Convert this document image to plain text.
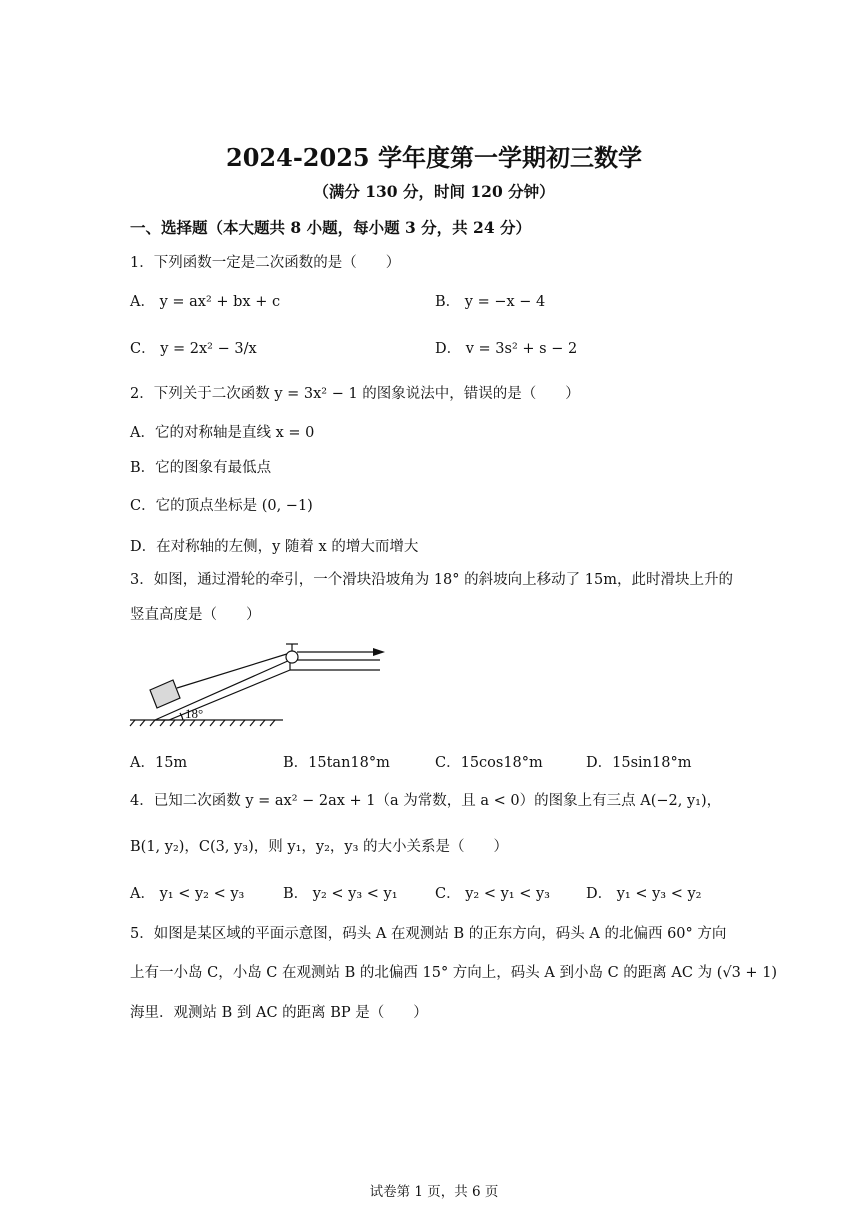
2024-2025 学年度第一学期初三数学
（满分 130 分，时间 120 分钟）
一、选择题（本大题共 8 小题，每小题 3 分，共 24 分）
1．下列函数一定是二次函数的是（　　）
A． y = ax² + bx + c	B． y = −x − 4
C． y = 2x² − 3/x	D． v = 3s² + s − 2
2．下列关于二次函数 y = 3x² − 1 的图象说法中，错误的是（　　）
A．它的对称轴是直线 x = 0
B．它的图象有最低点
C．它的顶点坐标是 (0, −1)
D．在对称轴的左侧，y 随着 x 的增大而增大
3．如图，通过滑轮的牵引，一个滑块沿坡角为 18° 的斜坡向上移动了 15m，此时滑块上升的
竖直高度是（　　）
18°
A．15m	B．15tan18°m	C．15cos18°m	D．15sin18°m
4．已知二次函数 y = ax² − 2ax + 1（a 为常数，且 a < 0）的图象上有三点 A(−2, y₁)，
B(1, y₂)，C(3, y₃)，则 y₁，y₂，y₃ 的大小关系是（　　）
A． y₁ < y₂ < y₃	B． y₂ < y₃ < y₁	C． y₂ < y₁ < y₃ D． y₁ < y₃ < y₂
5．如图是某区域的平面示意图，码头 A 在观测站 B 的正东方向，码头 A 的北偏西 60° 方向
上有一小岛 C，小岛 C 在观测站 B 的北偏西 15° 方向上，码头 A 到小岛 C 的距离 AC 为 (√3 + 1)
海里．观测站 B 到 AC 的距离 BP 是（　　）
试卷第 1 页，共 6 页
